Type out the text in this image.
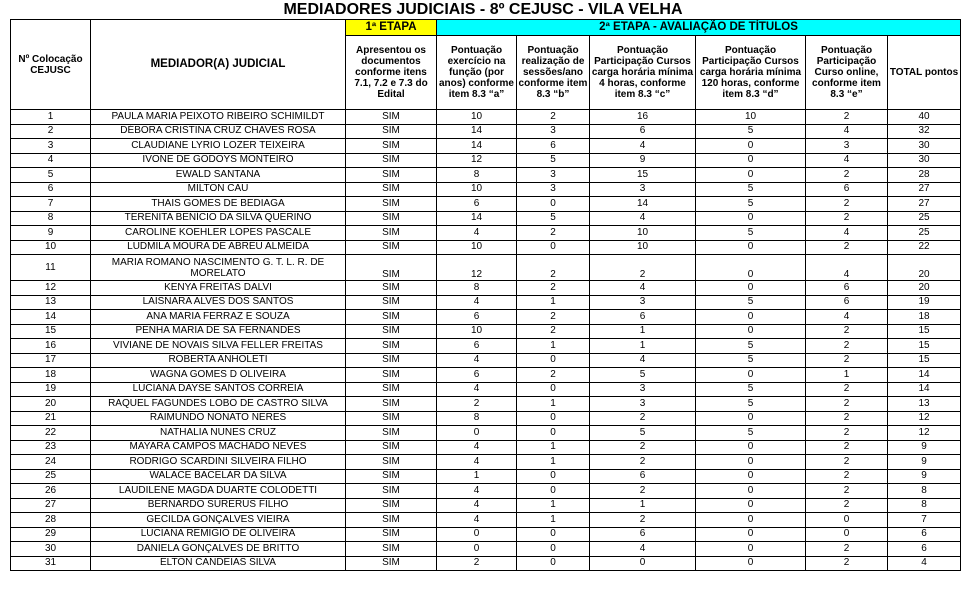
MEDIADORES JUDICIAIS - 8º CEJUSC - VILA VELHA
Nº Colocação CEJUSC	MEDIADOR(A) JUDICIAL	1ª ETAPA	2ª ETAPA - AVALIAÇÃO DE TÍTULOS					
		Apresentou os documentos conforme itens 7.1, 7.2 e 7.3 do Edital	Pontuação exercício na função (por anos) conforme item 8.3 “a”	Pontuação realização de sessões/ano conforme item 8.3 “b”	Pontuação Participação Cursos carga horária mínima 4 horas, conforme item 8.3 “c”	Pontuação Participação Cursos carga horária mínima 120 horas, conforme item 8.3 “d”	Pontuação Participação Curso online, conforme item 8.3 “e”	TOTAL pontos
1	PAULA MARIA PEIXOTO RIBEIRO SCHIMILDT	SIM	10	2	16	10	2	40
2	DÉBORA CRISTINA CRUZ CHAVES ROSA	SIM	14	3	6	5	4	32
3	CLAUDIANE LYRIO LOZER TEIXEIRA	SIM	14	6	4	0	3	30
4	IVONE DE GODOYS MONTEIRO	SIM	12	5	9	0	4	30
5	EWALD SANTANA	SIM	8	3	15	0	2	28
6	MILTON CAU	SIM	10	3	3	5	6	27
7	THAIS GOMES DE BEDIAGA	SIM	6	0	14	5	2	27
8	TERENITA BENÍCIO DA SILVA QUERINO	SIM	14	5	4	0	2	25
9	CAROLINE KOEHLER LOPES PASCALE	SIM	4	2	10	5	4	25
10	LUDMILA MOURA DE ABREU ALMEIDA	SIM	10	0	10	0	2	22
11	MARIA ROMANO NASCIMENTO G. T. L. R. DE MORELATO	SIM	12	2	2	0	4	20
12	KENYA FREITAS DALVI	SIM	8	2	4	0	6	20
13	LAISNARA ALVES DOS SANTOS	SIM	4	1	3	5	6	19
14	ANA MARIA FERRAZ E SOUZA	SIM	6	2	6	0	4	18
15	PENHA MARIA DE SÁ FERNANDES	SIM	10	2	1	0	2	15
16	VIVIANE DE NOVAIS SILVA FELLER FREITAS	SIM	6	1	1	5	2	15
17	ROBERTA ANHOLETI	SIM	4	0	4	5	2	15
18	WAGNA GOMES D OLIVEIRA	SIM	6	2	5	0	1	14
19	LUCIANA DAYSE SANTOS CORREIA	SIM	4	0	3	5	2	14
20	RAQUEL FAGUNDES LOBO DE CASTRO SILVA	SIM	2	1	3	5	2	13
21	RAIMUNDO NONATO NERES	SIM	8	0	2	0	2	12
22	NATHALIA NUNES CRUZ	SIM	0	0	5	5	2	12
23	MAYARA CAMPOS MACHADO NEVES	SIM	4	1	2	0	2	9
24	RODRIGO SCARDINI SILVEIRA FILHO	SIM	4	1	2	0	2	9
25	WALACE BACELAR DA SILVA	SIM	1	0	6	0	2	9
26	LAUDILENE MAGDA DUARTE COLODETTI	SIM	4	0	2	0	2	8
27	BERNARDO SURERUS FILHO	SIM	4	1	1	0	2	8
28	GECILDA GONÇALVES VIEIRA	SIM	4	1	2	0	0	7
29	LUCIANA REMIGIO DE OLIVEIRA	SIM	0	0	6	0	0	6
30	DANIELA GONÇALVES DE BRITTO	SIM	0	0	4	0	2	6
31	ELTON CANDEIAS SILVA	SIM	2	0	0	0	2	4
